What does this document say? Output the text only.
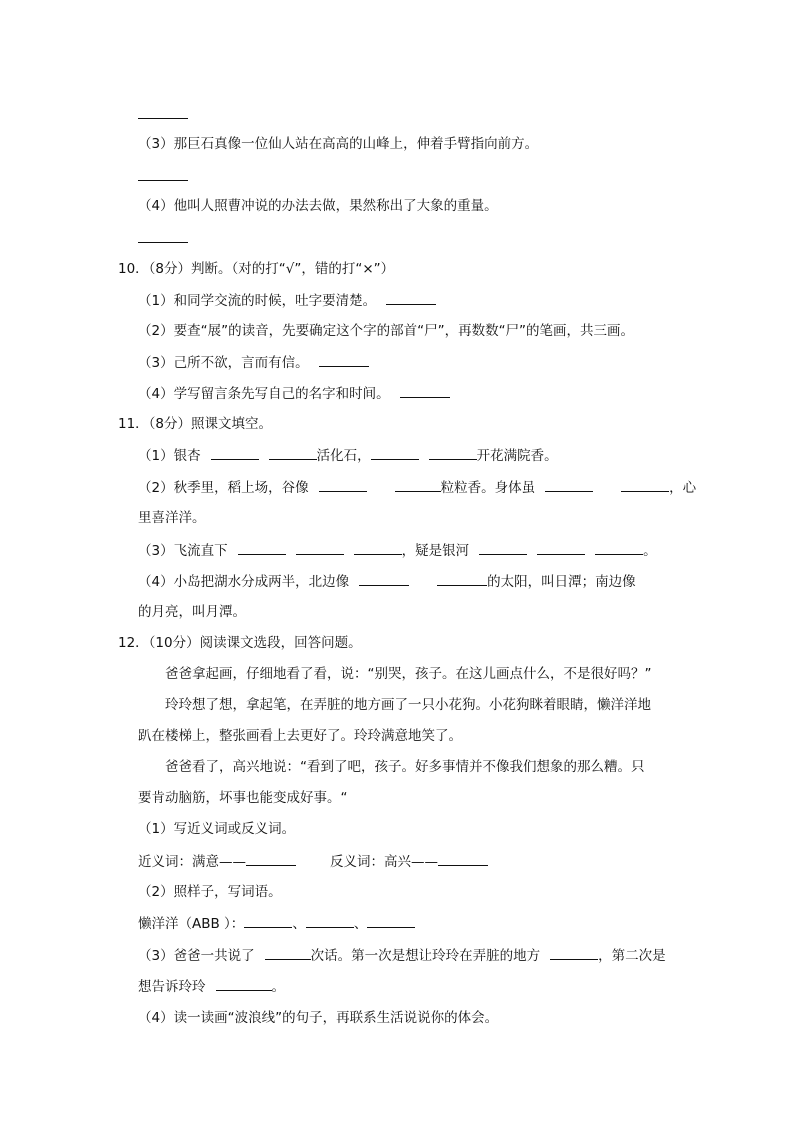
（3）那巨石真像一位仙人站在高高的山峰上，伸着手臂指向前方。
（4）他叫人照曹冲说的办法去做，果然称出了大象的重量。
10．（8分）判断。（对的打“√”，错的打“×”）
（1）和同学交流的时候，吐字要清楚。
（2）要查“展”的读音，先要确定这个字的部首“尸”，再数数“尸”的笔画，共三画。
（3）己所不欲，言而有信。
（4）学写留言条先写自己的名字和时间。
11．（8分）照课文填空。
（1）银杏	活化石，	开花满院香。
（2）秋季里，稻上场，谷像	粒粒香。身体虽	，心
里喜洋洋。
（3）飞流直下	，疑是银河	。
（4）小岛把湖水分成两半，北边像	的太阳，叫日潭；南边像
的月亮，叫月潭。
12．（10分）阅读课文选段，回答问题。
爸爸拿起画，仔细地看了看，说：“别哭，孩子。在这儿画点什么，不是很好吗？”
玲玲想了想，拿起笔，在弄脏的地方画了一只小花狗。小花狗眯着眼睛，懒洋洋地
趴在楼梯上，整张画看上去更好了。玲玲满意地笑了。
爸爸看了，高兴地说：“看到了吧，孩子。好多事情并不像我们想象的那么糟。只
要肯动脑筋，坏事也能变成好事。“
（1）写近义词或反义词。
近义词：满意——	反义词：高兴——
（2）照样子，写词语。
懒洋洋（ABB ）：	、	、
（3）爸爸一共说了	次话。第一次是想让玲玲在弄脏的地方	，第二次是
想告诉玲玲	。
（4）读一读画“波浪线”的句子，再联系生活说说你的体会。
